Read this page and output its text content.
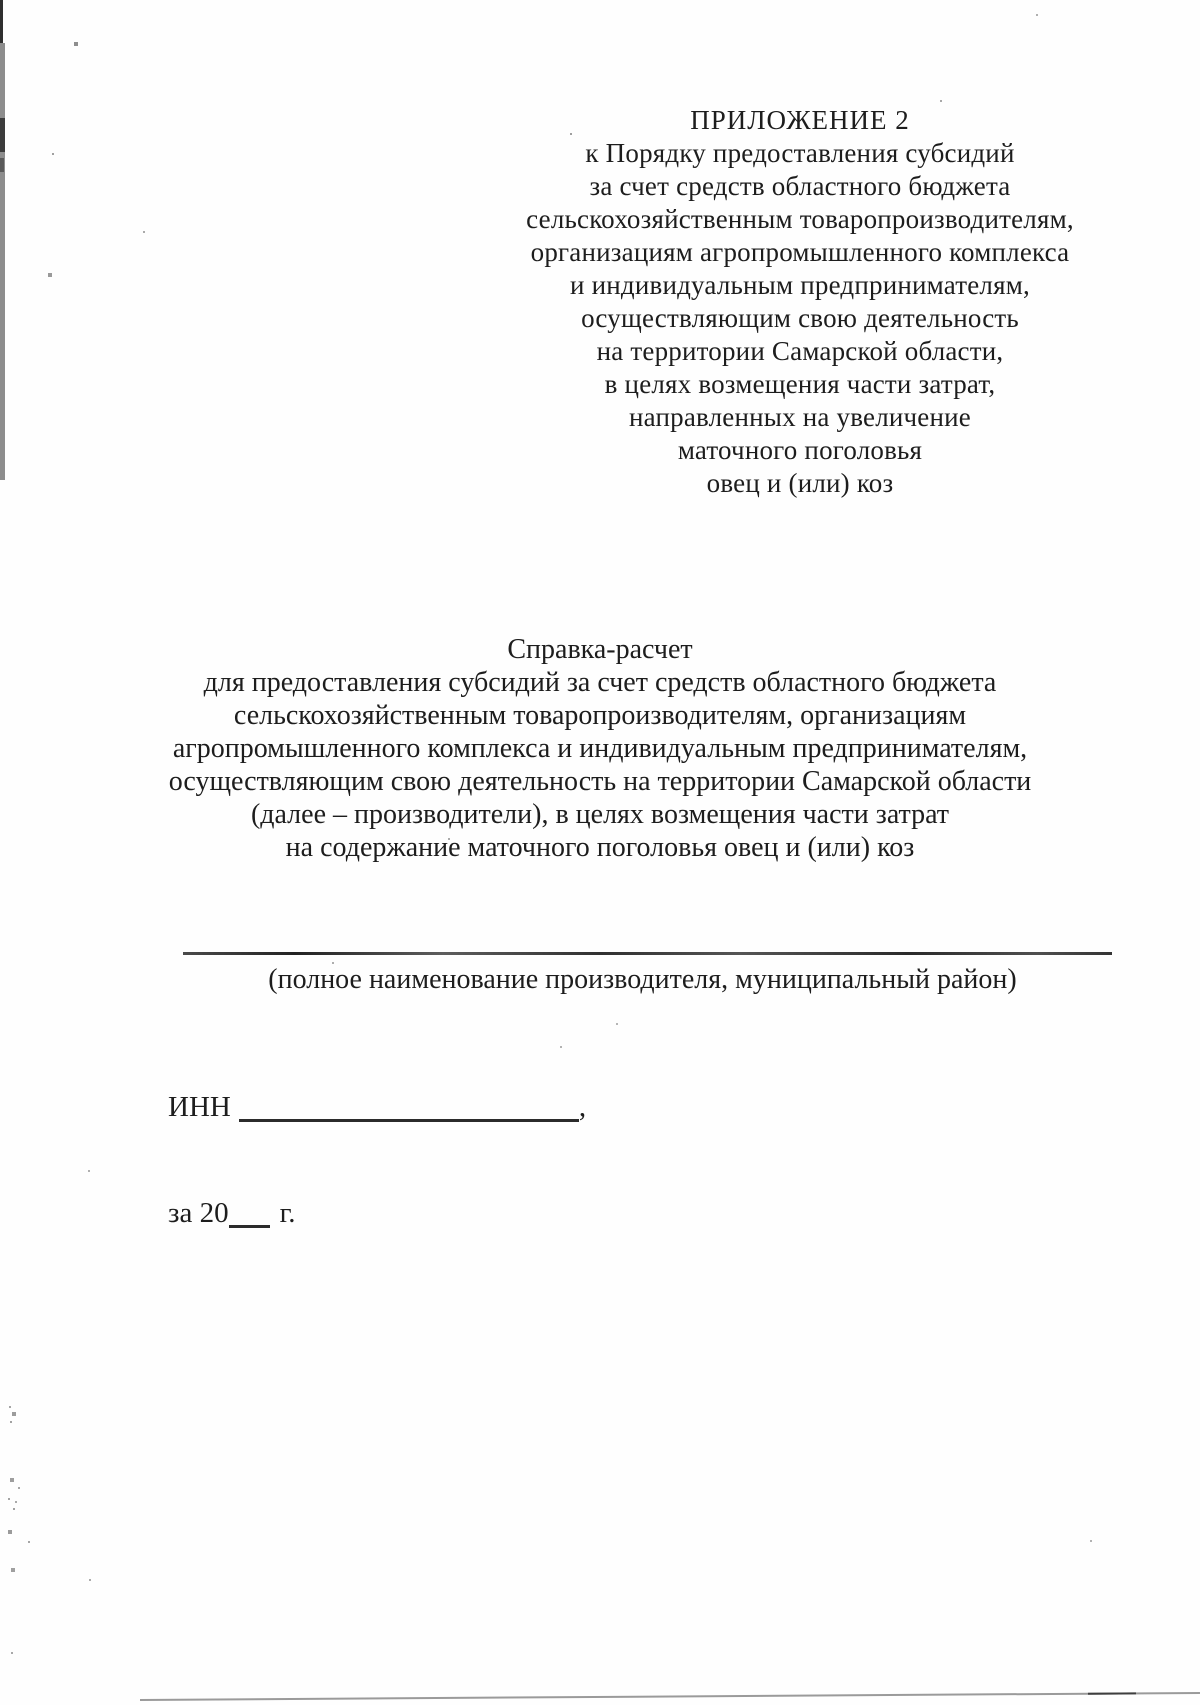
ПРИЛОЖЕНИЕ 2
к Порядку предоставления субсидий
за счет средств областного бюджета
сельскохозяйственным товаропроизводителям,
организациям агропромышленного комплекса
и индивидуальным предпринимателям,
осуществляющим свою деятельность
на территории Самарской области,
в целях возмещения части затрат,
направленных на увеличение
маточного поголовья
овец и (или) коз
Справка-расчет
для предоставления субсидий за счет средств областного бюджета
сельскохозяйственным товаропроизводителям, организациям
агропромышленного комплекса и индивидуальным предпринимателям,
осуществляющим свою деятельность на территории Самарской области
(далее – производители), в целях возмещения части затрат
на содержание маточного поголовья овец и (или) коз
(полное наименование производителя, муниципальный район)
ИНН	,
за 20 г.
